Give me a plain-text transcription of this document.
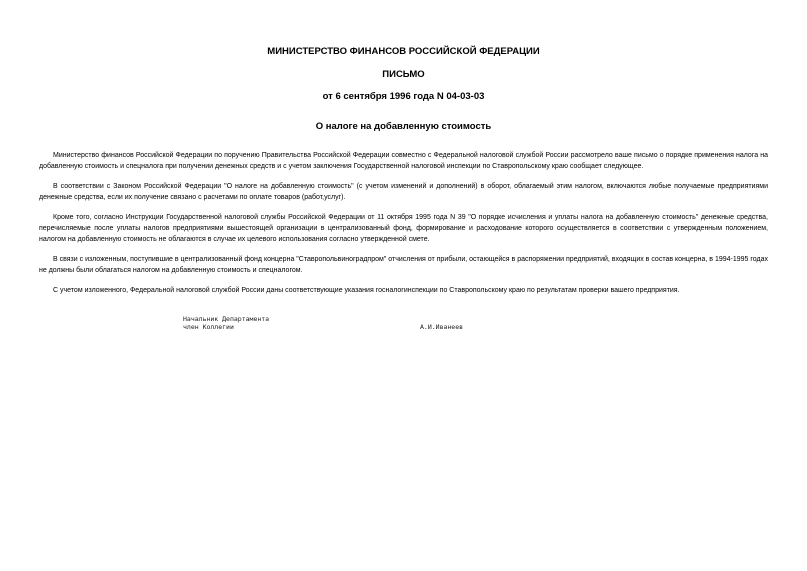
МИНИСТЕРСТВО ФИНАНСОВ РОССИЙСКОЙ ФЕДЕРАЦИИ
ПИСЬМО
от 6 сентября 1996 года N 04-03-03
О налоге на добавленную стоимость

Министерство финансов Российской Федерации по поручению Правительства Российской Федерации совместно с Федеральной налоговой службой России рассмотрело ваше письмо о порядке применения налога на добавленную стоимость и спецналога при получении денежных средств и с учетом заключения Государственной налоговой инспекции по Ставропольскому краю сообщает следующее.

В соответствии с Законом Российской Федерации "О налоге на добавленную стоимость" (с учетом изменений и дополнений) в оборот, облагаемый этим налогом, включаются любые получаемые предприятиями денежные средства, если их получение связано с расчетами по оплате товаров (работ,услуг).

Кроме того, согласно Инструкции Государственной налоговой службы Российской Федерации от 11 октября 1995 года N 39 "О порядке исчисления и уплаты налога на добавленную стоимость" денежные средства, перечисляемые после уплаты налогов предприятиями вышестоящей организации в централизованный фонд, формирование и расходование которого осуществляется в соответствии с утвержденным положением, налогом на добавленную стоимость не облагаются в случае их целевого использования согласно утвержденной смете.

В связи с изложенным, поступившие в централизованный фонд концерна "Ставропольвиноградпром" отчисления от прибыли, остающейся в распоряжении предприятий, входящих в состав концерна, в 1994-1995 годах не должны были облагаться налогом на добавленную стоимость и спецналогом.

С учетом изложенного, Федеральной налоговой службой России даны соответствующие указания госналогинспекции по Ставропольскому краю по результатам проверки вашего предприятия.

Начальник Департамента
член Коллегии	А.И.Иванеев
